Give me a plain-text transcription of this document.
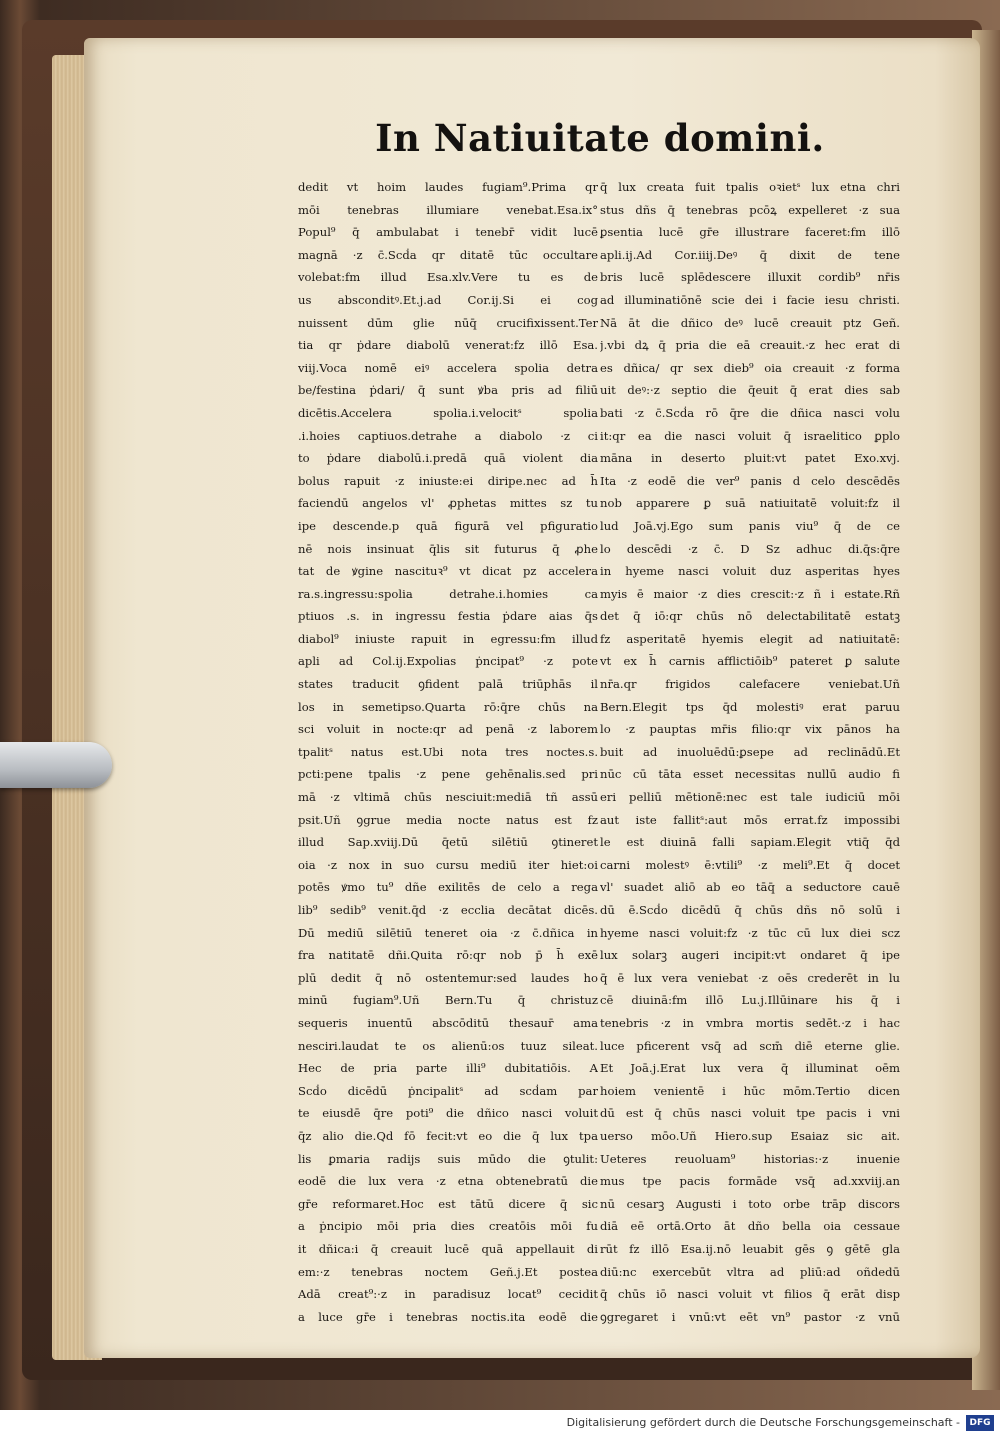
In Natiuitate domini.
dedit vt hoim laudes fugiam⁹.Prima qr
mōi tenebras illumiare venebat.Esa.ix°
Popul⁹ q̄ ambulabat i tenebr̄ vidit lucē
magnā ·z c̄.Scḋa qr ditatē tūc occultare
volebat:fm illud Esa.xlv.Vere tu es de
us absconditꝰ.Et.j.ad Cor.ij.Si ei cog
nuissent dūm glie nūq̄ crucifixissent.Ter
tia qr ṗdare diabolū venerat:fz illō Esa.
viij.Voca nomē eiꝰ accelera spolia detra
be/festina ṗdari/ q̄ sunt ꝟba pris ad filiū
dicētis.Accelera spolia.i.velocitˢ spolia
.i.hoies captiuos.detrahe a diabolo ·z ci
to ṗdare diabolū.i.predā quā violent dia
bolus rapuit ·z iniuste:ei diripe.nec ad h̄
faciendū angelos vl' ꝓphetas mittes sz tu
ipe descende.p quā figurā vel pfiguratio
nē nois insinuat q̄lis sit futurus q̄ ꝓhe
tat de ꝟgine nascituꝛ⁹ vt dicat pz accelera
ra.s.ingressu:spolia detrahe.i.homies ca
ptiuos .s. in ingressu festia ṗdare aias q̄s
diabol⁹ iniuste rapuit in egressu:fm illud
apli ad Col.ij.Expolias ṗncipat⁹ ·z pote
states traducit ꝯfident palā triūphās il
los in semetipso.Quarta rō:q̄re chūs na
sci voluit in nocte:qr ad penā ·z laborem
tpalitˢ natus est.Ubi nota tres noctes.s.
pcti:pene tpalis ·z pene gehēnalis.sed pri
mā ·z vltimā chūs nesciuit:mediā tñ assū
psit.Uñ ꝯgrue media nocte natus est fz
illud Sap.xviij.Dū q̄etū silētiū ꝯtineret
oia ·z nox in suo cursu mediū iter hiet:oi
potēs ꝟmo tu⁹ dñe exilitēs de celo a rega
lib⁹ sedib⁹ venit.q̄d ·z ecclia decātat dicēs.
Dū mediū silētiū teneret oia ·z c̄.dñica in
fra natitatē dñi.Quita rō:qr nob p̄ h̄ exē
plū dedit q̄ nō ostentemur:sed laudes ho
minū fugiam⁹.Uñ Bern.Tu q̄ christuz
sequeris inuentū abscōditū thesaur̄ ama
nesciri.laudat te os alienū:os tuuz sileat.
Hec de pria parte illi⁹ dubitatiōis. A
Scḋo dicēdū ṗncipalitˢ ad scḋam par
te eiusdē q̄re poti⁹ die dñico nasci voluit
q̄z alio die.Qd fō fecit:vt eo die q̄ lux tpa
lis ꝑmaria radijs suis mūdo die ꝯtulit:
eodē die lux vera ·z etna obtenebratū die
gr̄e reformaret.Hoc est tātū dicere q̄ sic
a ṗncipio mōi pria dies creatōis mōi fu
it dñica:i q̄ creauit lucē quā appellauit di
em:·z tenebras noctem Geñ.j.Et postea
Adā creat⁹:·z in paradisuz locat⁹ cecidit
a luce gr̄e i tenebras noctis.ita eodē die
q̄ lux creata fuit tpalis oꝛietˢ lux etna chri
stus dñs q̄ tenebras pcōꝝ expelleret ·z sua
ꝑsentia lucē gr̄e illustrare faceret:fm illō
apli.ij.Ad Cor.iiij.Deꝰ q̄ dixit de tene
bris lucē splēdescere illuxit cordib⁹ nr̄is
ad illuminatiōnē scie dei i facie iesu christi.
Nā āt die dñico deꝰ lucē creauit ptz Geñ.
j.vbi dꝝ q̄ pria die eā creauit.·z hec erat di
es dñica/ qr sex dieb⁹ oia creauit ·z forma
uit deꝰ:·z septio die q̄euit q̄ erat dies sab
bati ·z c̄.Scḋa rō q̄re die dñica nasci volu
it:qr ea die nasci voluit q̄ israelitico ꝑplo
māna in deserto pluit:vt patet Exo.xvj.
Ita ·z eodē die ver⁹ panis d celo descēdēs
nob apparere ꝑ suā natiuitatē voluit:fz il
lud Joā.vj.Ego sum panis viu⁹ q̄ de ce
lo descēdi ·z c̄. D Sz adhuc di.q̄s:q̄re
in hyeme nasci voluit duz asperitas hyes
myis ē maior ·z dies crescit:·z ñ i estate.Rñ
det q̄ iō:qr chūs nō delectabilitatē estatꝫ
fz asperitatē hyemis elegit ad natiuitatē:
vt ex h̄ carnis afflictiōib⁹ pateret ꝑ salute
nr̄a.qr frigidos calefacere veniebat.Uñ
Bern.Elegit tps q̄d molestiꝰ erat paruu
lo ·z pauptas mr̄is filio:qr vix pānos ha
buit ad inuoluēdū:ꝑsepe ad reclinādū.Et
nūc cū tāta esset necessitas nullū audio fi
eri pelliū mētionē:nec est tale iudiciū mōi
aut iste fallitˢ:aut mōs errat.fz impossibi
le est diuinā falli sapiam.Elegit vtiq̄ q̄d
carni molestꝰ ē:vtili⁹ ·z meli⁹.Et q̄ docet
vl' suadet aliō ab eo tāq̄ a seductore cauē
dū ē.Scḋo dicēdū q̄ chūs dñs nō solū i
hyeme nasci voluit:fz ·z tūc cū lux diei scz
lux solarꝫ augeri incipit:vt ondaret q̄ ipe
q̄ ē lux vera veniebat ·z oēs crederēt in lu
cē diuinā:fm illō Lu.j.Illūinare his q̄ i
tenebris ·z in vmbra mortis sedēt.·z i hac
luce pficerent vsq̄ ad scm̄ diē eterne glie.
Et Joā.j.Erat lux vera q̄ illuminat oēm
hoiem venientē i hūc mōm.Tertio dicen
dū est q̄ chūs nasci voluit tpe pacis i vni
uerso mōo.Uñ Hiero.sup Esaiaz sic ait.
Ueteres reuoluam⁹ historias:·z inuenie
mus tpe pacis formāde vsq̄ ad.xxviij.an
nū cesarꝫ Augusti i toto orbe trāp discors
diā eē ortā.Orto āt dño bella oia cessaue
rūt fz illō Esa.ij.nō leuabit gēs ꝯ gētē gla
diū:nc exercebūt vltra ad pliū:ad oñdedū
q̄ chūs iō nasci voluit vt filios q̄ erāt disp
ꝯgregaret i vnū:vt eēt vn⁹ pastor ·z vnū
Digitalisierung gefördert durch die Deutsche Forschungsgemeinschaft -	DFG
